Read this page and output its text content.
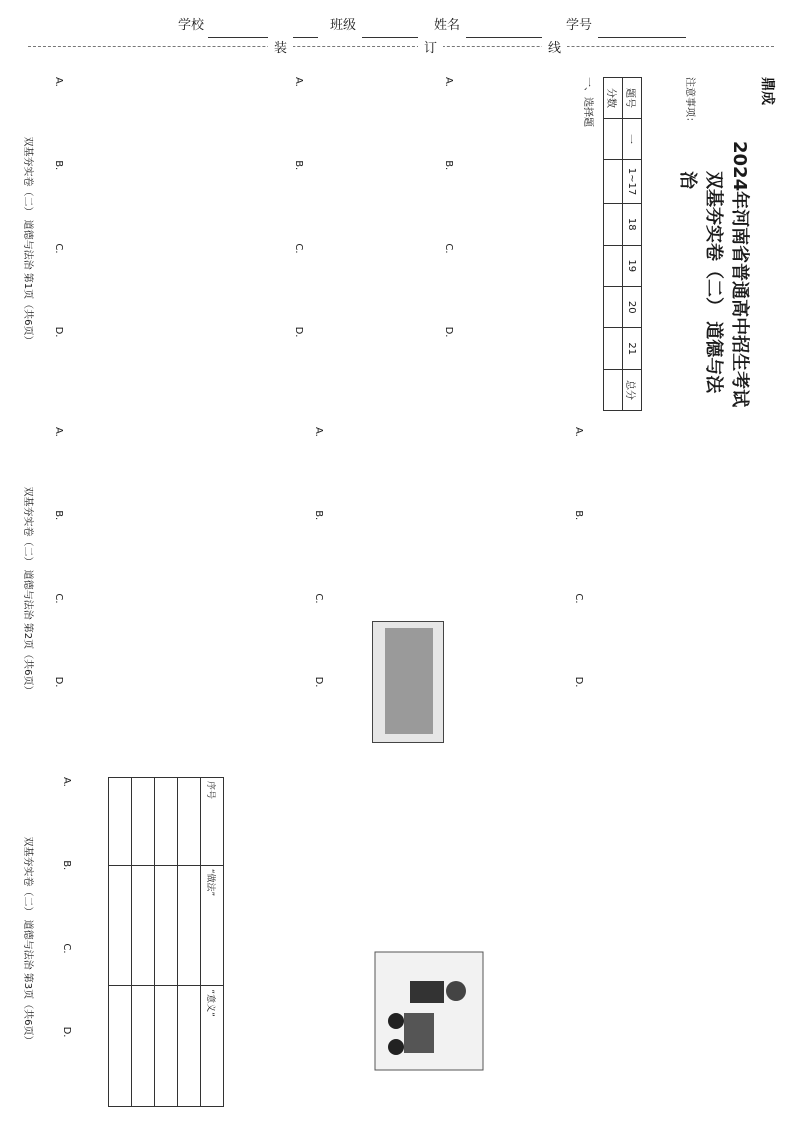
学校	班级	姓名	学号
装	订	线
鼎成
2024年河南省普通高中招生考试
双基夯实卷（二） 道德与法治
注意事项：
题号	一	1~17	18	19	20	21	总分
分数							
一、选择题
A. B. C. D.
A. B. C. D.
A. B. C. D.
双基夯实卷（二） 道德与法治 第1页（共6页）
A. B. C. D.
A. B. C. D.
A. B. C. D.
双基夯实卷（二） 道德与法治 第2页（共6页）
序号	“做法”	“意义”

A. B. C. D.
双基夯实卷（二） 道德与法治 第3页（共6页）
